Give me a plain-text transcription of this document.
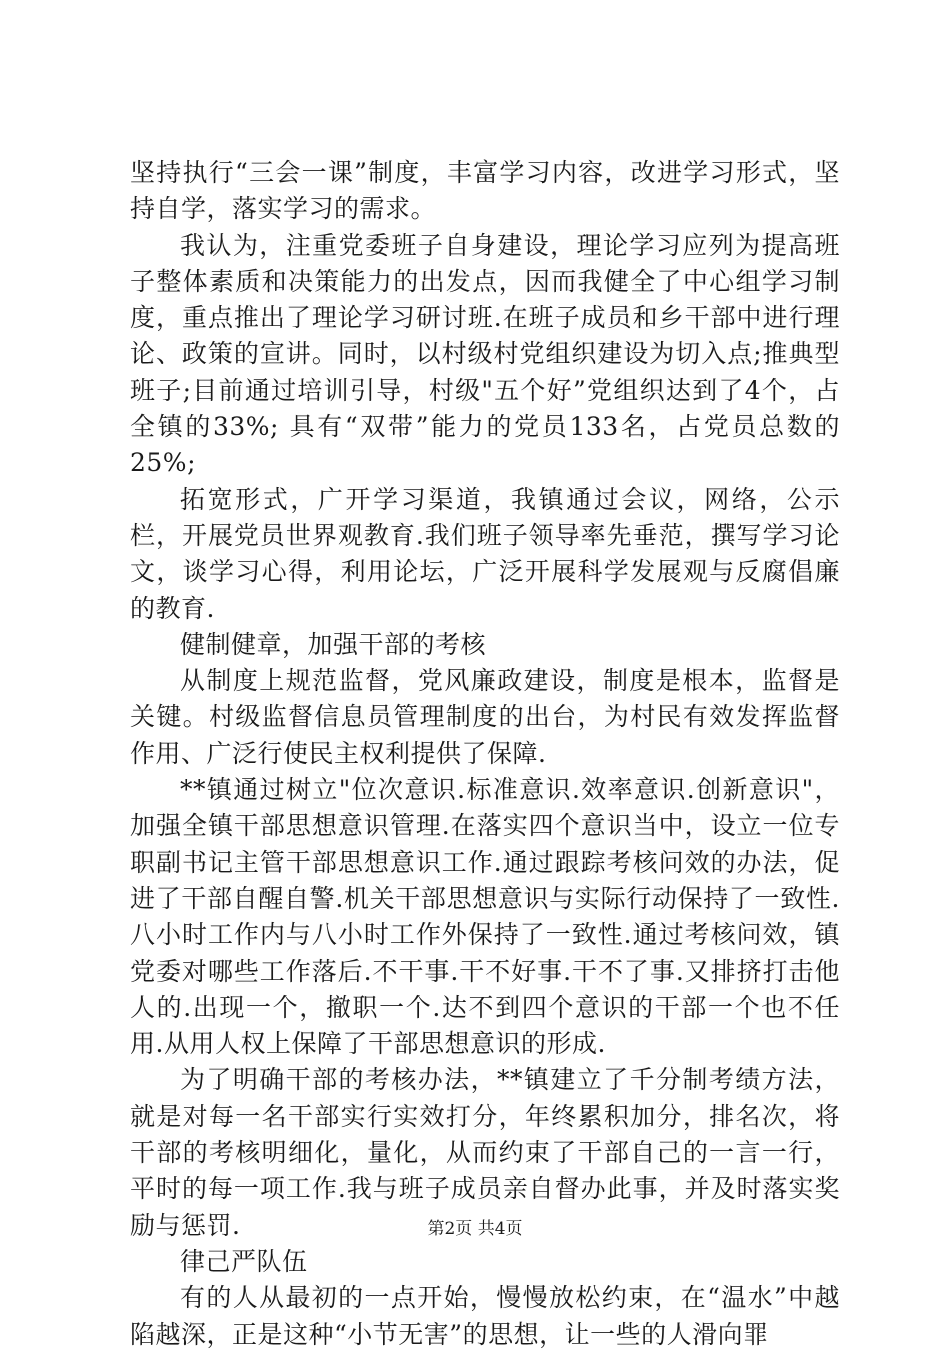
坚持执行“三会一课”制度，丰富学习内容，改进学习形式，坚持自学，落实学习的需求。

我认为，注重党委班子自身建设，理论学习应列为提高班子整体素质和决策能力的出发点，因而我健全了中心组学习制度，重点推出了理论学习研讨班.在班子成员和乡干部中进行理论、政策的宣讲。同时，以村级村党组织建设为切入点;推典型班子;目前通过培训引导，村级"五个好”党组织达到了4个，占全镇的33%; 具有“双带”能力的党员133名，占党员总数的25%;

拓宽形式，广开学习渠道，我镇通过会议，网络，公示栏，开展党员世界观教育.我们班子领导率先垂范，撰写学习论文，谈学习心得，利用论坛，广泛开展科学发展观与反腐倡廉的教育.

健制健章，加强干部的考核

从制度上规范监督，党风廉政建设，制度是根本，监督是关键。村级监督信息员管理制度的出台，为村民有效发挥监督作用、广泛行使民主权利提供了保障.

**镇通过树立"位次意识.标准意识.效率意识.创新意识"，加强全镇干部思想意识管理.在落实四个意识当中，设立一位专职副书记主管干部思想意识工作.通过跟踪考核问效的办法，促进了干部自醒自警.机关干部思想意识与实际行动保持了一致性.八小时工作内与八小时工作外保持了一致性.通过考核问效，镇党委对哪些工作落后.不干事.干不好事.干不了事.又排挤打击他人的.出现一个，撤职一个.达不到四个意识的干部一个也不任用.从用人权上保障了干部思想意识的形成.

为了明确干部的考核办法，**镇建立了千分制考绩方法，就是对每一名干部实行实效打分，年终累积加分，排名次，将干部的考核明细化，量化，从而约束了干部自己的一言一行，平时的每一项工作.我与班子成员亲自督办此事，并及时落实奖励与惩罚.

律己严队伍

有的人从最初的一点开始，慢慢放松约束，在“温水”中越陷越深，正是这种“小节无害”的思想，让一些的人滑向罪

第2页 共4页
